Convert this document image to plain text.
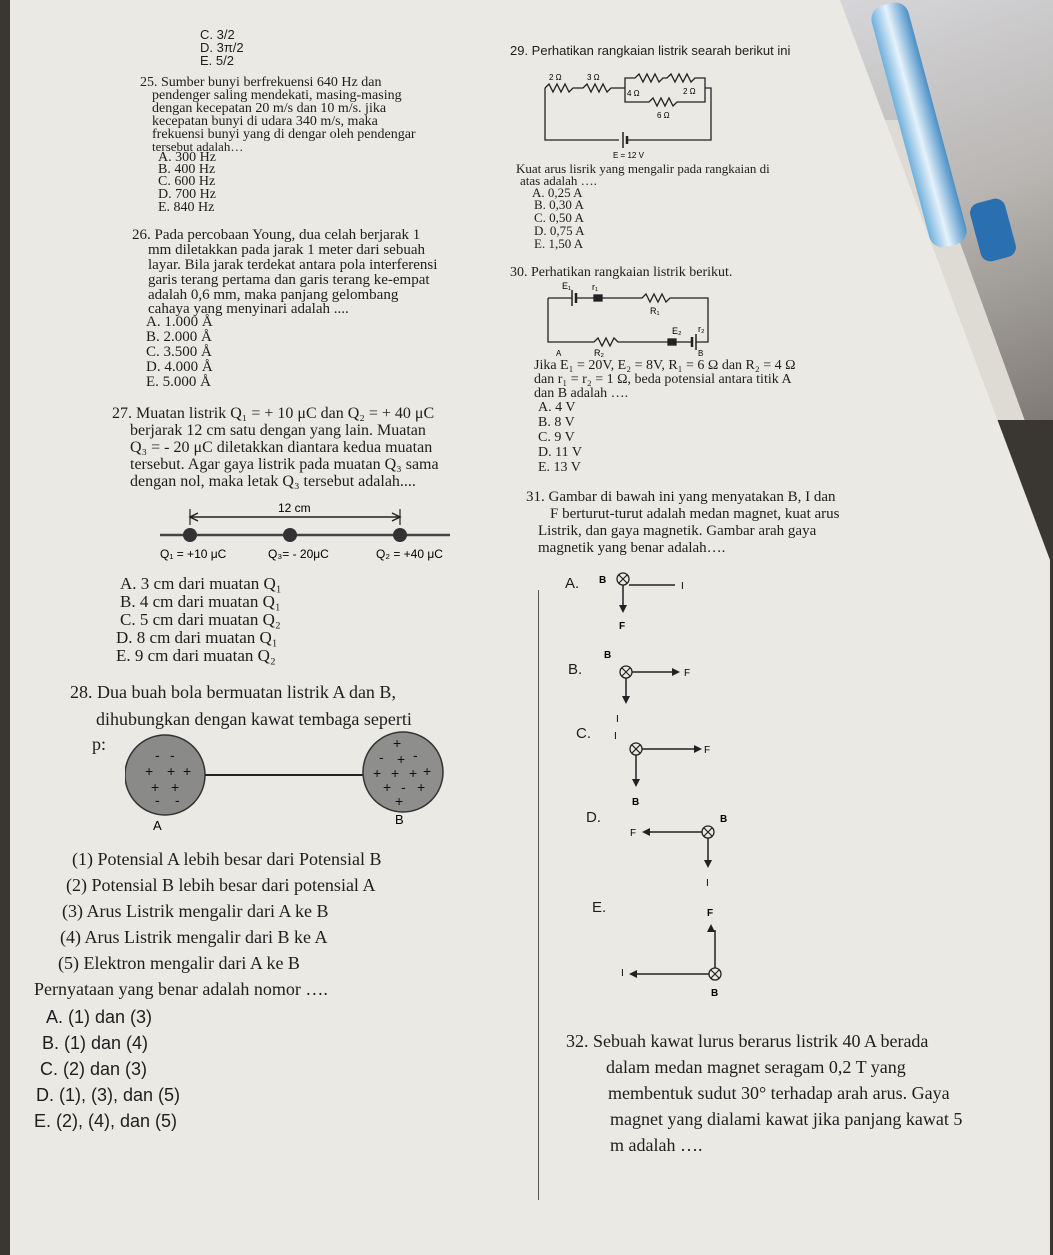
C. 3/2
D. 3π/2
E. 5/2
25. Sumber bunyi berfrekuensi 640 Hz dan
pendenger saling mendekati, masing-masing
dengan kecepatan 20 m/s dan 10 m/s. jika
kecepatan bunyi di udara 340 m/s, maka
frekuensi bunyi yang di dengar oleh pendengar
tersebut adalah…
A. 300 Hz
B. 400 Hz
C. 600 Hz
D. 700 Hz
E. 840 Hz
26. Pada percobaan Young, dua celah berjarak 1
mm diletakkan pada jarak 1 meter dari sebuah
layar. Bila jarak terdekat antara pola interferensi
garis terang pertama dan garis terang ke-empat
adalah 0,6 mm, maka panjang gelombang
cahaya yang menyinari adalah ....
A. 1.000 Å
B. 2.000 Å
C. 3.500 Å
D. 4.000 Å
E. 5.000 Å
27. Muatan listrik Q₁ = + 10 μC dan Q₂ = + 40 μC
berjarak 12 cm satu dengan yang lain. Muatan
Q₃ = - 20 μC diletakkan diantara kedua muatan
tersebut. Agar gaya listrik pada muatan Q₃ sama
dengan nol, maka letak Q₃ tersebut adalah....
12 cm
Q₁ = +10 μC	Q₃= - 20μC	Q₂ = +40 μC
A. 3 cm dari muatan Q₁
B. 4 cm dari muatan Q₁
C. 5 cm dari muatan Q₂
D. 8 cm dari muatan Q₁
E. 9 cm dari muatan Q₂
28. Dua buah bola bermuatan listrik A dan B,
dihubungkan dengan kawat tembaga seperti
p:
- -
+ + +
+ +
- -
+
- + -
+ + + +
+ - +
+
A	B
(1) Potensial A lebih besar dari Potensial B
(2) Potensial B lebih besar dari potensial A
(3) Arus Listrik mengalir dari A ke B
(4) Arus Listrik mengalir dari B ke A
(5) Elektron mengalir dari A ke B
Pernyataan yang benar adalah nomor ….
A. (1) dan (3)
B. (1) dan (4)
C. (2) dan (3)
D. (1), (3), dan (5)
E. (2), (4), dan (5)
29. Perhatikan rangkaian listrik searah berikut ini
2 Ω	3 Ω
4 Ω	2 Ω
6 Ω
E = 12 V
Kuat arus lisrik yang mengalir pada rangkaian di
atas adalah ….
A. 0,25 A
B. 0,30 A
C. 0,50 A
D. 0,75 A
E. 1,50 A
30. Perhatikan rangkaian listrik berikut.
E₁ r₁
R₁
E₂ r₂
R₂
A	B
Jika E₁ = 20V, E₂ = 8V, R₁ = 6 Ω dan R₂ = 4 Ω
dan r₁ = r₂ = 1 Ω, beda potensial antara titik A
dan B adalah ….
A. 4 V
B. 8 V
C. 9 V
D. 11 V
E. 13 V
31. Gambar di bawah ini yang menyatakan B, I dan
F berturut-turut adalah medan magnet, kuat arus
Listrik, dan gaya magnetik. Gambar arah gaya
magnetik yang benar adalah….
A.
B.
C.
D.
E.
B
I
F
B
F
I
I
F
B
B
F
I
F
I
B
32. Sebuah kawat lurus berarus listrik 40 A berada
dalam medan magnet seragam 0,2 T yang
membentuk sudut 30° terhadap arah arus. Gaya
magnet yang dialami kawat jika panjang kawat 5
m adalah ….
